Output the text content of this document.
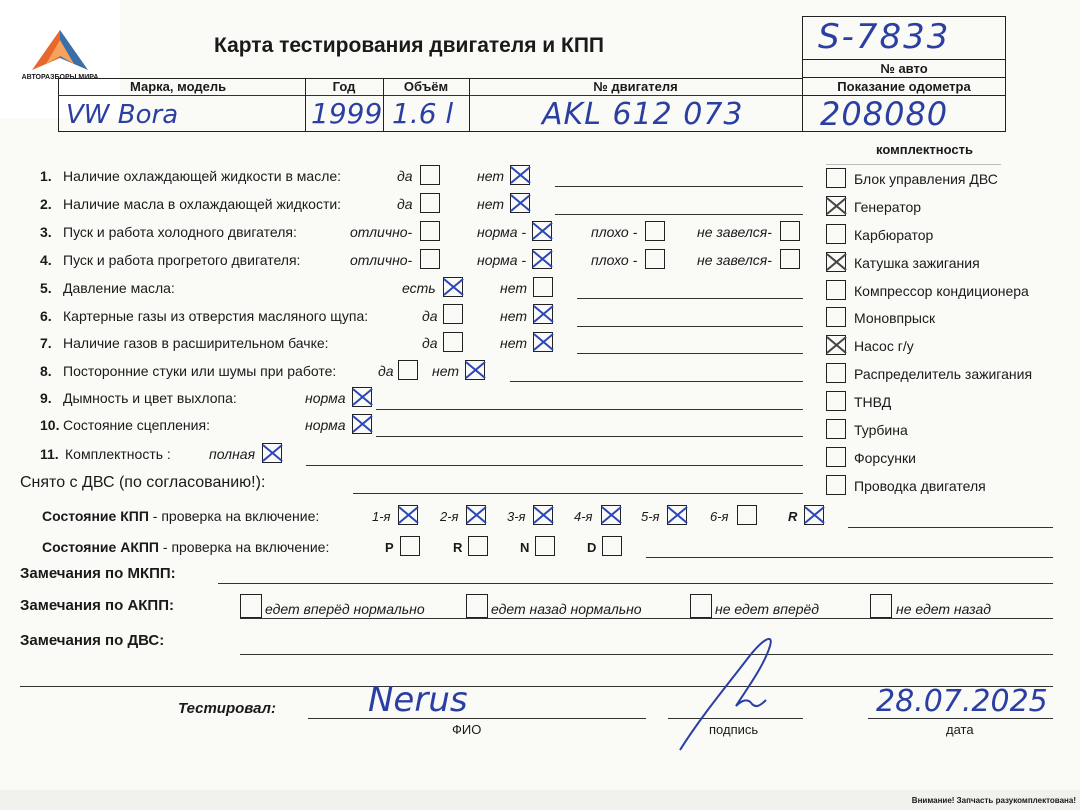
АВТОРАЗБОРЫ МИРА
Карта тестирования двигателя и КПП	S-7833
№ авто
Показание одометра
208080
Марка, модель	Год	Объём	№ двигателя
VW Bora	1999 1.6 l	AKL 612 073
комплектность
Блок управления ДВС
Генератор
Карбюратор
Катушка зажигания
Компрессор кондиционера
Моновпрыск
Насос г/у
Распределитель зажигания
ТНВД
Турбина
Форсунки
Проводка двигателя
1. Наличие охлаждающей жидкости в масле:	да	нет
2. Наличие масла в охлаждающей жидкости:	да	нет
3. Пуск и работа холодного двигателя:	отлично-	норма -	плохо -	не завелся-
4. Пуск и работа прогретого двигателя:	отлично-	норма -	плохо -	не завелся-
5. Давление масла:	есть	нет
6. Картерные газы из отверстия масляного щупа:	да	нет
7. Наличие газов в расширительном бачке:	да	нет
8. Посторонние стуки или шумы при работе:	да	нет
9. Дымность и цвет выхлопа:	норма
10. Состояние сцепления:	норма
11. Комплектность :	полная
Снято с ДВС (по согласованию!):
Состояние КПП - проверка на включение:	1-я	2-я	3-я	4-я	5-я	6-я	R
Состояние АКПП - проверка на включение:	P	R	N	D
Замечания по МКПП:
Замечания по АКПП:	едет вперёд нормально	едет назад нормально	не едет вперёд	не едет назад
Замечания по ДВС:
Тестировал:	Nerus
ФИО	подпись
28.07.2025
дата
Внимание! Запчасть разукомплектована!
